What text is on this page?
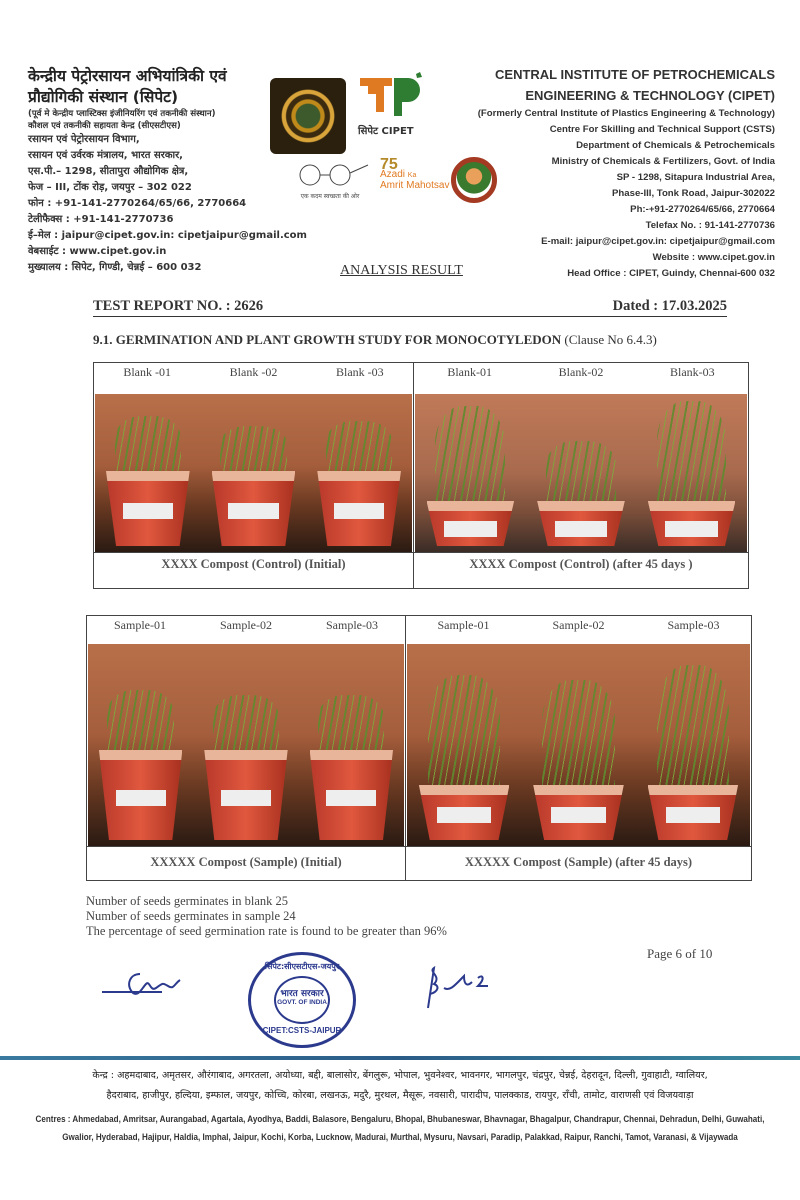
केन्द्रीय पेट्रोरसायन अभियांत्रिकी एवं
प्रौद्योगिकी संस्थान (सिपेट)
(पूर्व मे केन्द्रीय प्लास्टिक्स इंजीनियरिंग एवं तकनीकी संस्थान)
कौशल एवं तकनीकी सहायता केन्द्र (सीएसटीएस)
रसायन एवं पेट्रोरसायन विभाग,
रसायन एवं उर्वरक मंत्रालय, भारत सरकार,
एस.पी.– 1298, सीतापुरा औद्योगिक क्षेत्र,
फेज – III, टोंक रोड़, जयपुर – 302 022
फोन : +91-141-2770264/65/66, 2770664
टेलीफैक्स : +91-141-2770736
ई–मेल : jaipur@cipet.gov.in: cipetjaipur@gmail.com
वेबसाईट : www.cipet.gov.in
मुख्यालय : सिपेट, गिण्डी, चेन्नई – 600 032
सिपेट CIPET
एक कदम स्वच्छता की ओर
75
Azadi Ka
Amrit Mahotsav
CENTRAL INSTITUTE OF PETROCHEMICALS
ENGINEERING & TECHNOLOGY (CIPET)
(Formerly Central Institute of Plastics Engineering & Technology)
Centre For Skilling and Technical Support (CSTS)
Department of Chemicals & Petrochemicals
Ministry of Chemicals & Fertilizers, Govt. of India
SP - 1298, Sitapura Industrial Area,
Phase-III, Tonk Road, Jaipur-302022
Ph:-+91-2770264/65/66, 2770664
Telefax No. : 91-141-2770736
E-mail: jaipur@cipet.gov.in: cipetjaipur@gmail.com
Website : www.cipet.gov.in
Head Office : CIPET, Guindy, Chennai-600 032
ANALYSIS RESULT
TEST REPORT NO. : 2626	Dated : 17.03.2025
9.1. GERMINATION AND PLANT GROWTH STUDY FOR MONOCOTYLEDON (Clause No 6.4.3)
Blank -01	Blank -02	Blank -03
XXXX Compost (Control) (Initial)
Blank-01	Blank-02	Blank-03
XXXX Compost (Control) (after 45 days )
Sample-01	Sample-02	Sample-03
XXXXX Compost (Sample) (Initial)
Sample-01	Sample-02	Sample-03
XXXXX Compost (Sample) (after 45 days)
Number of seeds germinates in blank 25
Number of seeds germinates in sample 24
The percentage of seed germination rate is found to be greater than 96%
Page 6 of 10
सिपेट:सीएसटीएस-जयपुर
भारत सरकार
GOVT. OF INDIA
CIPET:CSTS-JAIPUR
केन्द्र : अहमदाबाद, अमृतसर, औरंगाबाद, अगरतला, अयोध्या, बद्दी, बालासोर, बेंगलुरू, भोपाल, भुवनेश्वर, भावनगर, भागलपुर, चंद्रपुर, चेन्नई, देहरादून, दिल्ली, गुवाहाटी, ग्वालियर,
हैदराबाद, हाजीपुर, हल्दिया, इम्फाल, जयपुर, कोच्चि, कोरबा, लखनऊ, मदुरै, मुरथल, मैसूरू, नवसारी, पारादीप, पालक्काड, रायपुर, राँची, तामोट, वाराणसी एवं विजयवाड़ा
Centres : Ahmedabad, Amritsar, Aurangabad, Agartala, Ayodhya, Baddi, Balasore, Bengaluru, Bhopal, Bhubaneswar, Bhavnagar, Bhagalpur, Chandrapur, Chennai, Dehradun, Delhi, Guwahati,
Gwalior, Hyderabad, Hajipur, Haldia, Imphal, Jaipur, Kochi, Korba, Lucknow, Madurai, Murthal, Mysuru, Navsari, Paradip, Palakkad, Raipur, Ranchi, Tamot, Varanasi, & Vijaywada
